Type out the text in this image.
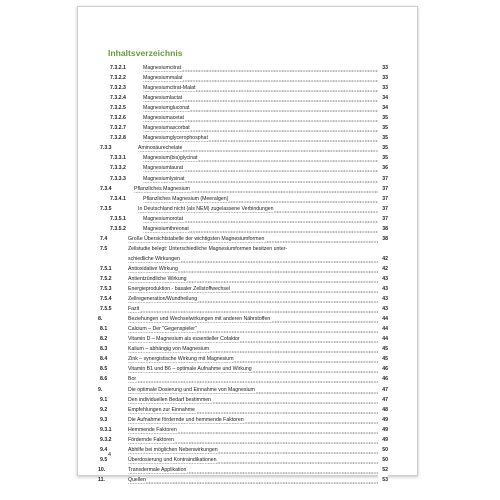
Inhaltsverzeichnis
7.3.2.1	Magnesiumcitrat	33
7.3.2.2	Magnesiummalat	33
7.3.2.3	Magnesiumcitrat-Malat	33
7.3.2.4	Magnesiumlactat	34
7.3.2.5	Magnesiumgluconat	34
7.3.2.6	Magnesiumacetat	35
7.3.2.7	Magnesiumascorbat	35
7.3.2.8	Magnesiumglycerophosphat	35
7.3.3	Aminosäurechelate	35
7.3.3.1	Magnesium(bis)glycinat	35
7.3.3.2	Magnesiumtaurat	36
7.3.3.3	Magnesiumlysinat	37
7.3.4	Pflanzliches Magnesium	37
7.3.4.1	Pflanzliches Magnesium (Meeralgen)	37
7.3.5	In Deutschland nicht (als NEM) zugelassene Verbindungen	37
7.3.5.1	Magnesiumorotat	37
7.3.5.2	Magnesiumthreonat	38
7.4	Große Übersichtstabelle der wichtigsten Magnesiumformen	38
7.5	Zellstudie belegt: Unterschiedliche Magnesiumformen besitzen unter-
schiedliche Wirkungen	42
7.5.1	Antioxidative Wirkung	42
7.5.2	Antientzündliche Wirkung	43
7.5.3	Energieproduktion - basaler Zellstoffwechsel	43
7.5.4	Zellregeneration/Wundheilung	43
7.5.5	Fazit	43
8.	Beziehungen und Wechselwirkungen mit anderen Nährstoffen	44
8.1	Calcium – Der "Gegenspieler"	44
8.2	Vitamin D – Magnesium als essentieller Cofaktor	44
8.3	Kalium – abhängig von Magnesium	45
8.4	Zink – synergistische Wirkung mit Magnesium	45
8.5	Vitamin B1 und B6 – optimale Aufnahme und Wirkung	46
8.6	Bor	46
9.	Die optimale Dosierung und Einnahme von Magnesium	47
9.1	Den individuellen Bedarf bestimmen	47
9.2	Empfehlungen zur Einnahme	48
9.3	Die Aufnahme fördernde und hemmende Faktoren	49
9.3.1	Hemmende Faktoren	49
9.3.2	Fördernde Faktoren	49
9.4	Abhilfe bei möglichen Nebenwirkungen	50
9.5	Überdosierung und Kontraindikationen	50
10.	Transdermale Applikation	52
11.	Quellen	53
4
